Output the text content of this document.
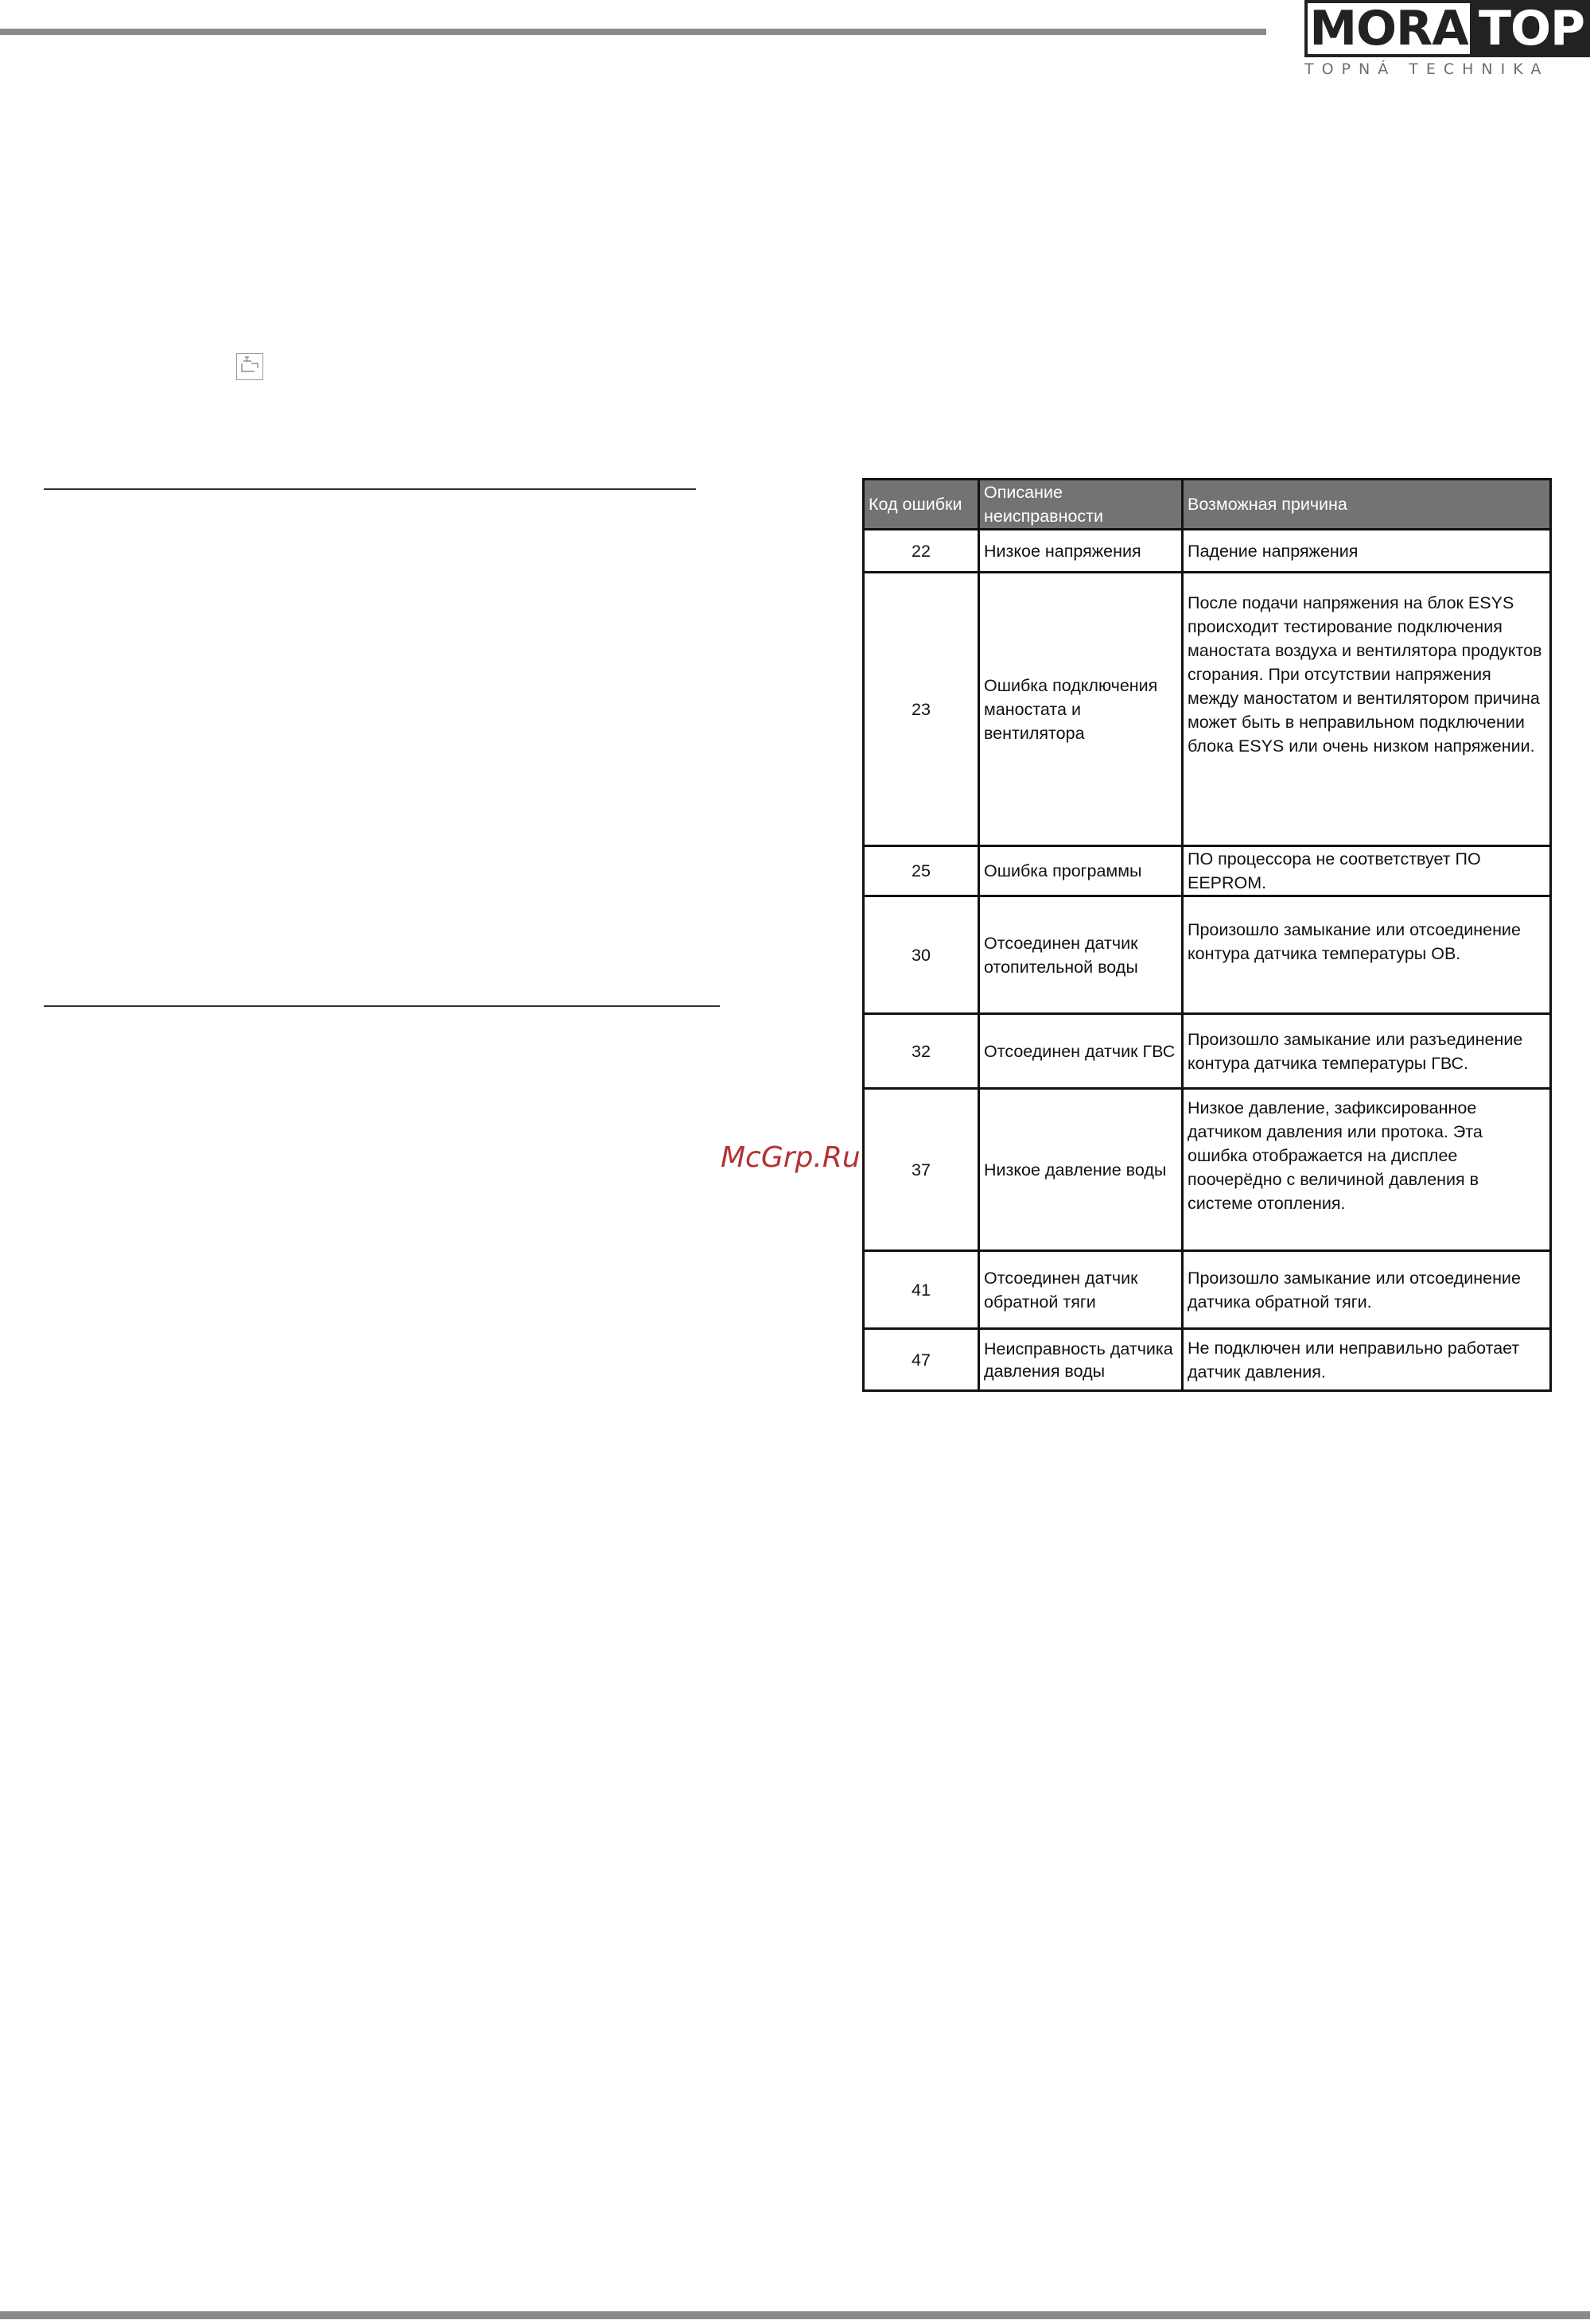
MORA TOP
TOPNÁ TECHNIKA
McGrp.Ru
Код ошибки	Описание неисправности	Возможная причина
22	Низкое напряжения	Падение напряжения
23	Ошибка подключения маностата и вентилятора	После подачи напряжения на блок ESYS происходит тестирование подключения маностата воздуха и вентилятора продуктов сгорания. При отсутствии напряжения между маностатом и вентилятором причина может быть в неправильном подключении блока ESYS или очень низком напряжении.
25	Ошибка программы	ПО процессора не соответствует ПО EEPROM.
30	Отсоединен датчик отопительной воды	Произошло замыкание или отсоединение контура датчика температуры ОВ.
32	Отсоединен датчик ГВС	Произошло замыкание или разъединение контура датчика температуры ГВС.
37	Низкое давление воды	Низкое давление, зафиксированное датчиком давления или протока. Эта ошибка отображается на дисплее поочерёдно с величиной давления в системе отопления.
41	Отсоединен датчик обратной тяги	Произошло замыкание или отсоединение датчика обратной тяги.
47	Неисправность датчика давления воды	Не подключен или неправильно работает датчик давления.
